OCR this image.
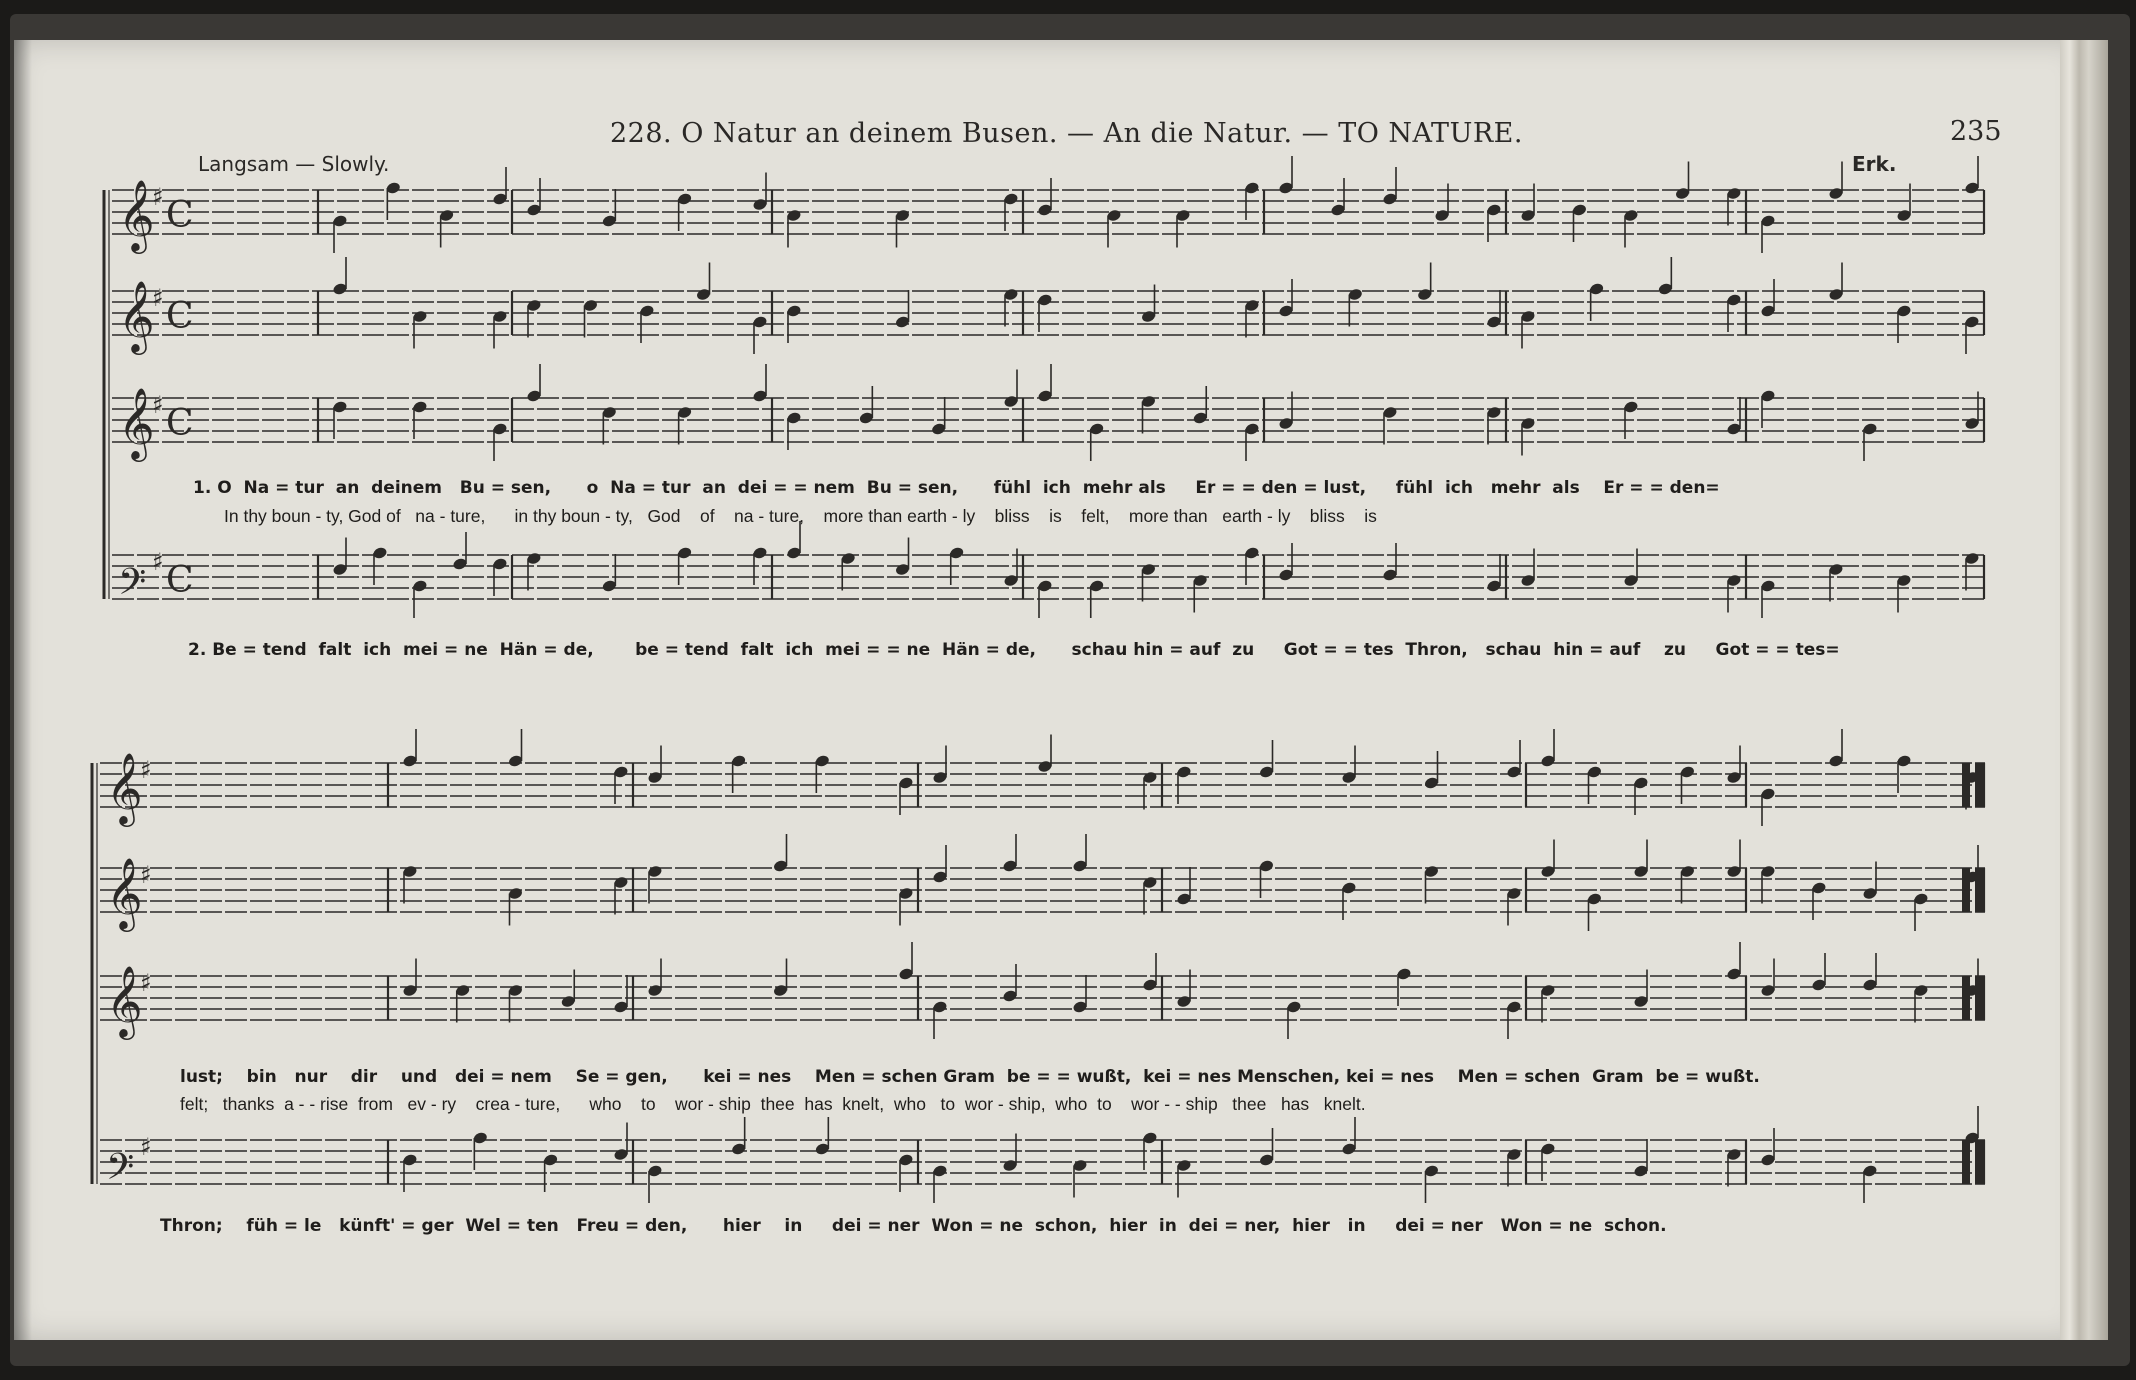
228. O Natur an deinem Busen. — An die Natur. — TO NATURE.	235
Langsam — Slowly.	Erk.
𝄞
♯
𝄞
♯
𝄞
♯
𝄢 ♯
𝄞
♯
𝄞
♯
𝄞
♯
𝄢 ♯
C
C
C
C
1. O  Na = tur  an  deinem   Bu = sen,      o  Na = tur  an  dei = = nem  Bu = sen,      fühl  ich  mehr als     Er = = den = lust,     fühl  ich   mehr  als    Er = = den=
In thy boun - ty, God of   na - ture,      in thy boun - ty,   God    of    na - ture,    more than earth - ly    bliss    is    felt,    more than   earth - ly    bliss    is
2. Be = tend  falt  ich  mei = ne  Hän = de,       be = tend  falt  ich  mei = = ne  Hän = de,      schau hin = auf  zu     Got = = tes  Thron,   schau  hin = auf    zu     Got = = tes=
lust;    bin   nur    dir    und   dei = nem    Se = gen,      kei = nes    Men = schen Gram  be = = wußt,  kei = nes Menschen, kei = nes    Men = schen  Gram  be = wußt.
felt;   thanks  a - - rise  from   ev - ry    crea - ture,      who    to    wor - ship  thee  has  knelt,  who   to  wor - ship,  who  to    wor - - ship   thee   has   knelt.
Thron;    füh = le   künft' = ger  Wel = ten   Freu = den,      hier    in     dei = ner  Won = ne  schon,  hier  in  dei = ner,  hier   in     dei = ner   Won = ne  schon.
